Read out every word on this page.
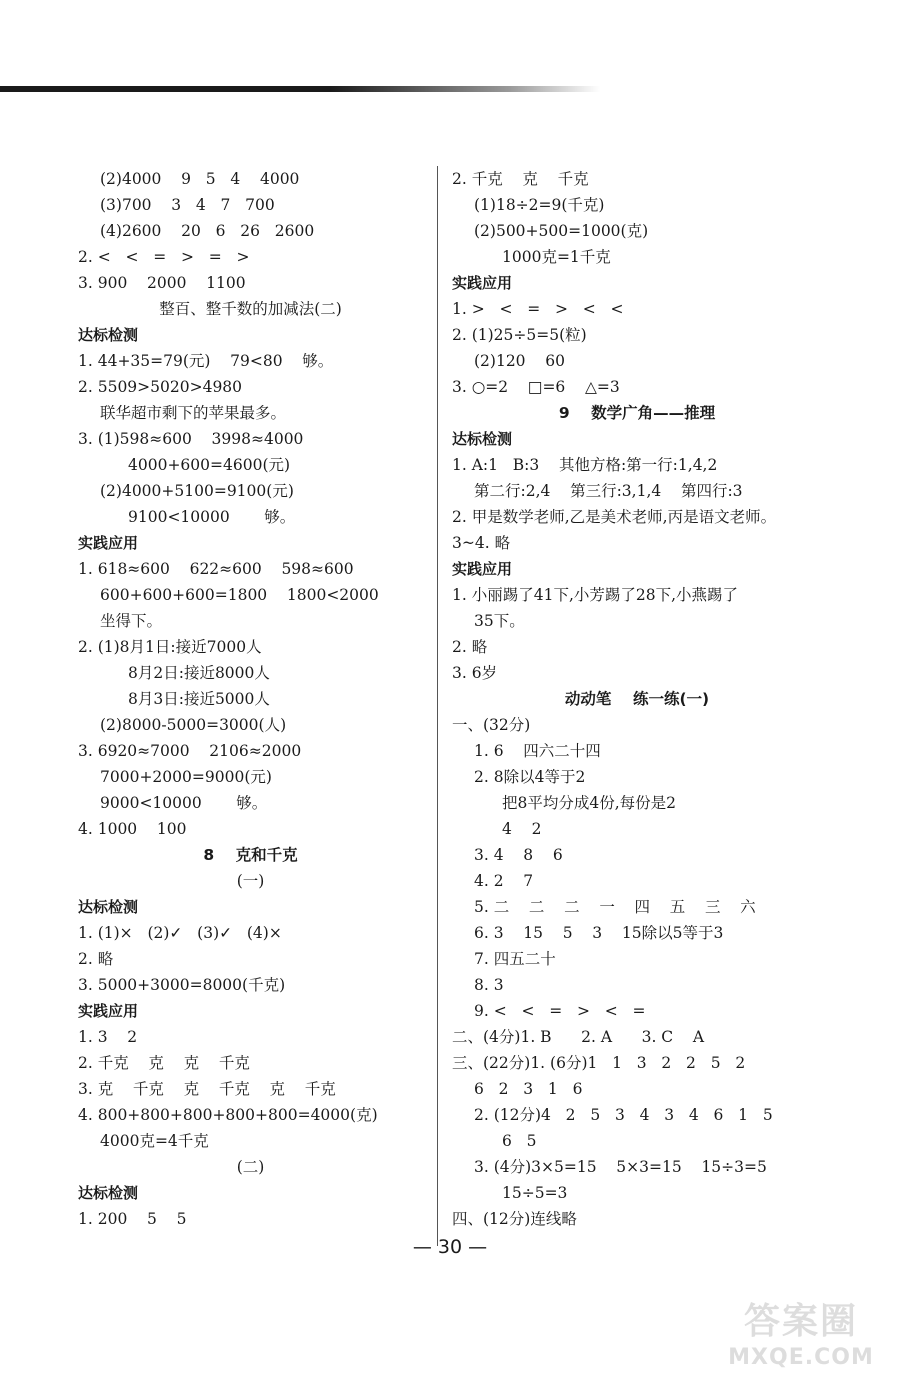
(2)4000    9   5   4    4000
(3)700    3   4   7   700
(4)2600    20   6   26   2600
2. <   <   =   >   =   >
3. 900    2000    1100
整百、整千数的加减法(二)
达标检测
1. 44+35=79(元)    79<80    够。
2. 5509>5020>4980
联华超市剩下的苹果最多。
3. (1)598≈600    3998≈4000
4000+600=4600(元)
(2)4000+5100=9100(元)
9100<10000       够。
实践应用
1. 618≈600    622≈600    598≈600
600+600+600=1800    1800<2000
坐得下。
2. (1)8月1日:接近7000人
8月2日:接近8000人
8月3日:接近5000人
(2)8000-5000=3000(人)
3. 6920≈7000    2106≈2000
7000+2000=9000(元)
9000<10000       够。
4. 1000    100
8    克和千克
(一)
达标检测
1. (1)×   (2)✓   (3)✓   (4)×
2. 略
3. 5000+3000=8000(千克)
实践应用
1. 3    2
2. 千克    克    克    千克
3. 克    千克    克    千克    克    千克
4. 800+800+800+800+800=4000(克)
4000克=4千克
(二)
达标检测
1. 200    5    5
2. 千克    克    千克
(1)18÷2=9(千克)
(2)500+500=1000(克)
1000克=1千克
实践应用
1. >   <   =   >   <   <
2. (1)25÷5=5(粒)
(2)120    60
3. ○=2    □=6    △=3
9    数学广角——推理
达标检测
1. A:1   B:3    其他方格:第一行:1,4,2
第二行:2,4    第三行:3,1,4    第四行:3
2. 甲是数学老师,乙是美术老师,丙是语文老师。
3~4. 略
实践应用
1. 小丽踢了41下,小芳踢了28下,小燕踢了
35下。
2. 略
3. 6岁
动动笔    练一练(一)
一、(32分)
1. 6    四六二十四
2. 8除以4等于2
把8平均分成4份,每份是2
4    2
3. 4    8    6
4. 2    7
5. 二    二    二    一    四    五    三    六
6. 3    15    5    3    15除以5等于3
7. 四五二十
8. 3
9. <   <   =   >   <   =
二、(4分)1. B      2. A      3. C    A
三、(22分)1. (6分)1   1   3   2   2   5   2
6   2   3   1   6
2. (12分)4   2   5   3   4   3   4   6   1   5
6   5
3. (4分)3×5=15    5×3=15    15÷3=5
15÷5=3
四、(12分)连线略
— 30 —
答案圈
MXQE.COM
